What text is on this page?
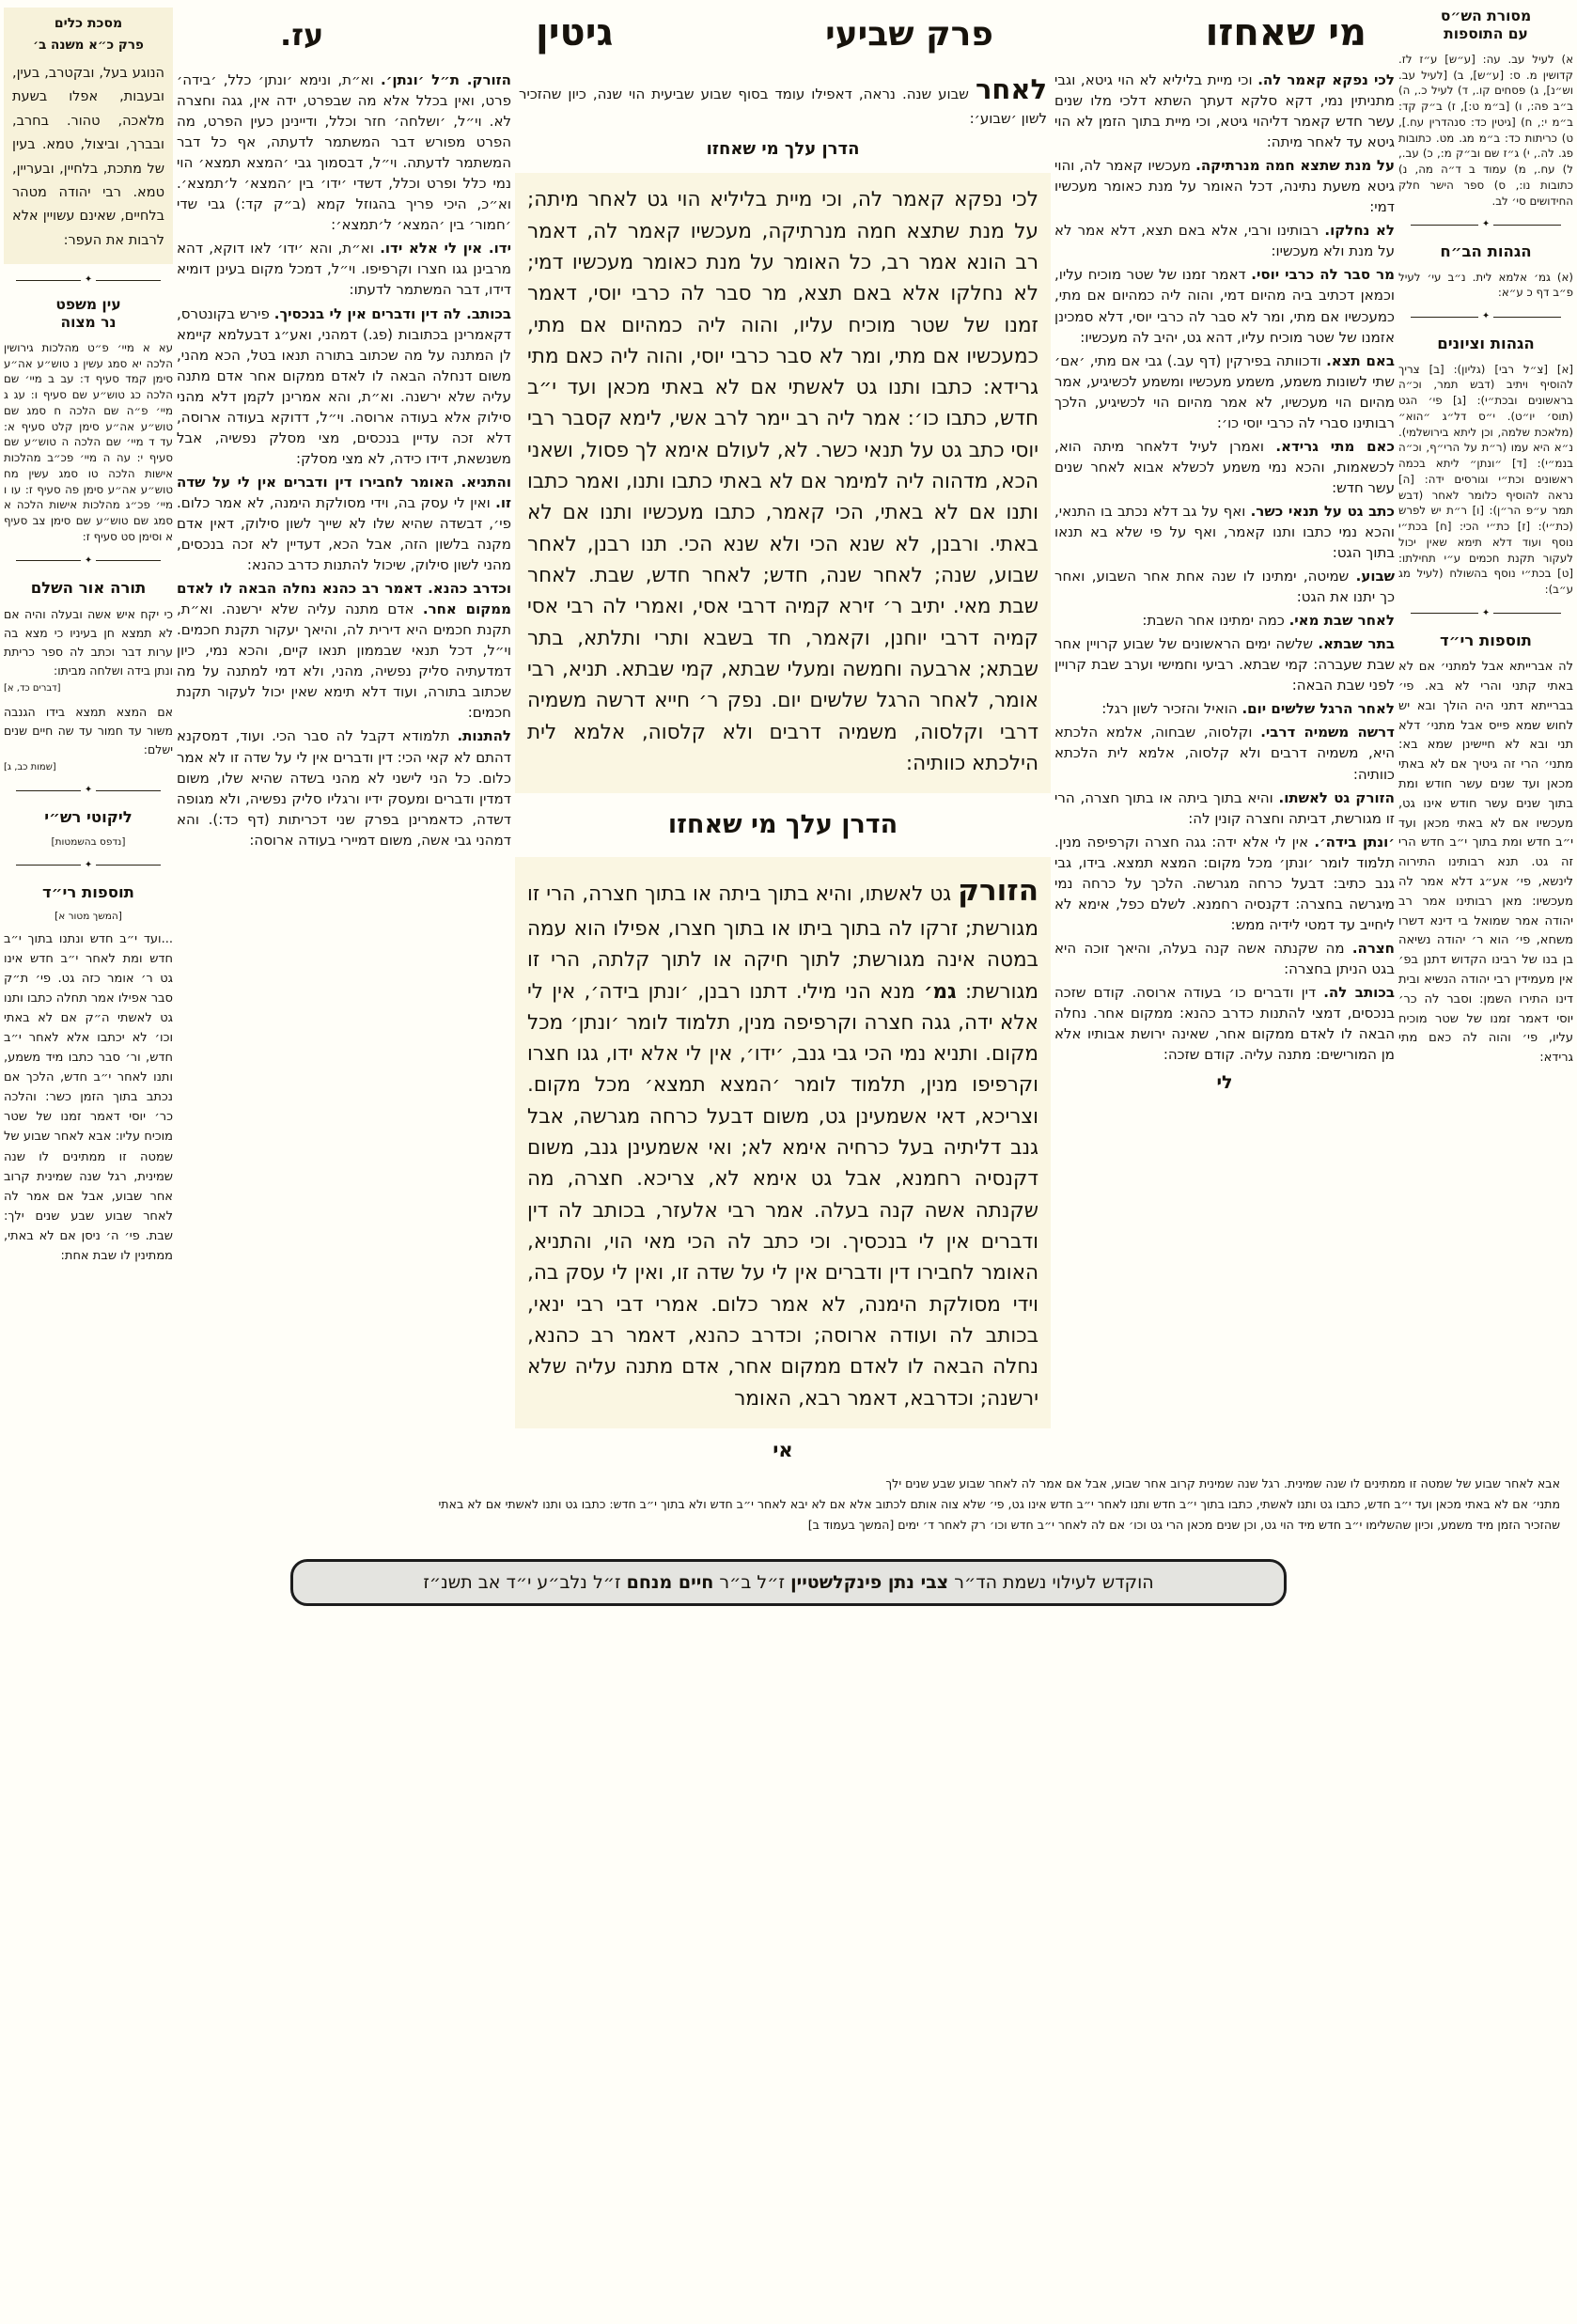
מסורת הש״ס
עם התוספות

א) לעיל עב. עה: [ע״ש] ע״ז לז. קדושין מ. ס: [ע״ש], ב) [לעיל עב. וש״נ], ג) פסחים קו., ד) לעיל כ., ה) ב״ב פה:, ו) [ב״מ ט:], ז) ב״ק קד: ב״מ י:, ח) [גיטין כד: סנהדרין עח.], ט) כריתות כד: ב״מ מג. מט. כתובות פג. לה., י) ג״ז שם וב״ק מ:, כ) עב., ל) עח., מ) עמוד ב ד״ה מה, נ) כתובות נו:, ס) ספר הישר חלק החידושים סי׳ לב.

✦
הגהות הב״ח

(א) גמ׳ אלמא לית. נ״ב עי׳ לעיל פ״ב דף כ ע״א:

✦
הגהות וציונים

[א] [צ״ל רבי] (גליון): [ב] צריך להוסיף ויתיב (דבש תמר, וכ״ה בראשונים ובכת״י): [ג] פי׳ הגט (תוס׳ יו״ט). י״ס דל״ג ״הוא״ (מלאכת שלמה, וכן ליתא בירושלמי). נ״א היא עמו (ר״ת על הרי״ף, וכ״ה בנמ״י): [ד] ״ונתן״ ליתא בכמה ראשונים וכת״י וגורסים ידה: [ה] נראה להוסיף כלומר לאחר (דבש תמר ע״פ הר״ן): [ו] ר״ת יש לפרש (כת״י): [ז] כת״י הכי: [ח] בכת״י נוסף ועוד דלא תימא שאין יכול לעקור תקנת חכמים ע״י תחילתו: [ט] בכת״י נוסף בהשולח (לעיל מג ע״ב):

✦
תוספות רי״ד

לה אברייתא אבל למתני׳ אם לא באתי קתני והרי לא בא. פי׳ בברייתא דתני היה הולך ובא יש לחוש שמא פייס אבל מתני׳ דלא תני ובא לא חיישינן שמא בא: מתני׳ הרי זה גיטיך אם לא באתי מכאן ועד שנים עשר חודש ומת בתוך שנים עשר חודש אינו גט, מעכשיו אם לא באתי מכאן ועד י״ב חדש ומת בתוך י״ב חדש הרי זה גט. תנא רבותינו התירוה לינשא, פי׳ אע״ג דלא אמר לה מעכשיו: מאן רבותינו אמר רב יהודה אמר שמואל בי דינא דשרו משחא, פי׳ הוא ר׳ יהודה נשיאה בן בנו של רבינו הקדוש דתנן בפ׳ אין מעמידין רבי יהודה הנשיא ובית דינו התירו השמן: וסבר לה כר׳ יוסי דאמר זמנו של שטר מוכיח עליו, פי׳ והוה לה כאם מתי גרידא:

מי שאחזו
פרק שביעי
גיטין
עז.

לכי נפקא קאמר לה. וכי מיית בליליא לא הוי גיטא, וגבי מתניתין נמי, דקא סלקא דעתך השתא דלכי מלו שנים עשר חדש קאמר דליהוי גיטא, וכי מיית בתוך הזמן לא הוי גיטא עד לאחר מיתה:

על מנת שתצא חמה מנרתיקה. מעכשיו קאמר לה, והוי גיטא משעת נתינה, דכל האומר על מנת כאומר מעכשיו דמי:

לא נחלקו. רבותינו ורבי, אלא באם תצא, דלא אמר לא על מנת ולא מעכשיו:

מר סבר לה כרבי יוסי. דאמר זמנו של שטר מוכיח עליו, וכמאן דכתיב ביה מהיום דמי, והוה ליה כמהיום אם מתי, כמעכשיו אם מתי, ומר לא סבר לה כרבי יוסי, דלא סמכינן אזמנו של שטר מוכיח עליו, דהא גט, יהיב לה מעכשיו:

באם תצא. ודכוותה בפירקין (דף עב.) גבי אם מתי, ׳אם׳ שתי לשונות משמע, משמע מעכשיו ומשמע לכשיגיע, אמר מהיום הוי מעכשיו, לא אמר מהיום הוי לכשיגיע, הלכך רבותינו סברי לה כרבי יוסי כו׳:

כאם מתי גרידא. ואמרן לעיל דלאחר מיתה הוא, לכשאמות, והכא נמי משמע לכשלא אבוא לאחר שנים עשר חדש:

כתב גט על תנאי כשר. ואף על גב דלא נכתב בו התנאי, והכא נמי כתבו ותנו קאמר, ואף על פי שלא בא תנאו בתוך הגט:

שבוע. שמיטה, ימתינו לו שנה אחת אחר השבוע, ואחר כך יתנו את הגט:

לאחר שבת מאי. כמה ימתינו אחר השבת:

בתר שבתא. שלשה ימים הראשונים של שבוע קרויין אחר שבת שעברה: קמי שבתא. רביעי וחמישי וערב שבת קרויין לפני שבת הבאה:

לאחר הרגל שלשים יום. הואיל והזכיר לשון רגל:

דרשה משמיה דרבי. וקלסוה, שבחוה, אלמא הלכתא היא, משמיה דרבים ולא קלסוה, אלמא לית הלכתא כוותיה:

הזורק גט לאשתו. והיא בתוך ביתה או בתוך חצרה, הרי זו מגורשת, דביתה וחצרה קונין לה:

׳ונתן בידה׳. אין לי אלא ידה: גגה חצרה וקרפיפה מנין. תלמוד לומר ׳ונתן׳ מכל מקום: המצא תמצא. בידו, גבי גנב כתיב: דבעל כרחה מגרשה. הלכך על כרחה נמי מיגרשה בחצרה: דקנסיה רחמנא. לשלם כפל, אימא לא ליחייב עד דמטי לידיה ממש:

חצרה. מה שקנתה אשה קנה בעלה, והיאך זוכה היא בגט הניתן בחצרה:

בכותב לה. דין ודברים כו׳ בעודה ארוסה. קודם שזכה בנכסים, דמצי להתנות כדרב כהנא: ממקום אחר. נחלה הבאה לו לאדם ממקום אחר, שאינה ירושת אבותיו אלא מן המורישים: מתנה עליה. קודם שזכה:

לי

לאחר שבוע שנה. נראה, דאפילו עומד בסוף שבוע שביעית הוי שנה, כיון שהזכיר לשון ׳שבוע׳:

הדרן עלך מי שאחזו

לכי נפקא קאמר לה, וכי מיית בליליא הוי גט לאחר מיתה; על מנת שתצא חמה מנרתיקה, מעכשיו קאמר לה, דאמר רב הונא אמר רב, כל האומר על מנת כאומר מעכשיו דמי; לא נחלקו אלא באם תצא, מר סבר לה כרבי יוסי, דאמר זמנו של שטר מוכיח עליו, והוה ליה כמהיום אם מתי, כמעכשיו אם מתי, ומר לא סבר כרבי יוסי, והוה ליה כאם מתי גרידא: כתבו ותנו גט לאשתי אם לא באתי מכאן ועד י״ב חדש, כתבו כו׳: אמר ליה רב יימר לרב אשי, לימא קסבר רבי יוסי כתב גט על תנאי כשר. לא, לעולם אימא לך פסול, ושאני הכא, מדהוה ליה למימר אם לא באתי כתבו ותנו, ואמר כתבו ותנו אם לא באתי, הכי קאמר, כתבו מעכשיו ותנו אם לא באתי. ורבנן, לא שנא הכי ולא שנא הכי. תנו רבנן, לאחר שבוע, שנה; לאחר שנה, חדש; לאחר חדש, שבת. לאחר שבת מאי. יתיב ר׳ זירא קמיה דרבי אסי, ואמרי לה רבי אסי קמיה דרבי יוחנן, וקאמר, חד בשבא ותרי ותלתא, בתר שבתא; ארבעה וחמשה ומעלי שבתא, קמי שבתא. תניא, רבי אומר, לאחר הרגל שלשים יום. נפק ר׳ חייא דרשה משמיה דרבי וקלסוה, משמיה דרבים ולא קלסוה, אלמא לית הילכתא כוותיה:

הדרן עלך מי שאחזו

הזורק גט לאשתו, והיא בתוך ביתה או בתוך חצרה, הרי זו מגורשת; זרקו לה בתוך ביתו או בתוך חצרו, אפילו הוא עמה במטה אינה מגורשת; לתוך חיקה או לתוך קלתה, הרי זו מגורשת: גמ׳ מנא הני מילי. דתנו רבנן, ׳ונתן בידה׳, אין לי אלא ידה, גגה חצרה וקרפיפה מנין, תלמוד לומר ׳ונתן׳ מכל מקום. ותניא נמי הכי גבי גנב, ׳ידו׳, אין לי אלא ידו, גגו חצרו וקרפיפו מנין, תלמוד לומר ׳המצא תמצא׳ מכל מקום. וצריכא, דאי אשמעינן גט, משום דבעל כרחה מגרשה, אבל גנב דליתיה בעל כרחיה אימא לא; ואי אשמעינן גנב, משום דקנסיה רחמנא, אבל גט אימא לא, צריכא. חצרה, מה שקנתה אשה קנה בעלה. אמר רבי אלעזר, בכותב לה דין ודברים אין לי בנכסיך. וכי כתב לה הכי מאי הוי, והתניא, האומר לחבירו דין ודברים אין לי על שדה זו, ואין לי עסק בה, וידי מסולקת הימנה, לא אמר כלום. אמרי דבי רבי ינאי, בכותב לה ועודה ארוסה; וכדרב כהנא, דאמר רב כהנא, נחלה הבאה לו לאדם ממקום אחר, אדם מתנה עליה שלא ירשנה; וכדרבא, דאמר רבא, האומר

אי

הזורק. ת״ל ׳ונתן׳. וא״ת, ונימא ׳ונתן׳ כלל, ׳בידה׳ פרט, ואין בכלל אלא מה שבפרט, ידה אין, גגה וחצרה לא. וי״ל, ׳ושלחה׳ חזר וכלל, ודיינינן כעין הפרט, מה הפרט מפורש דבר המשתמר לדעתה, אף כל דבר המשתמר לדעתה. וי״ל, דבסמוך גבי ׳המצא תמצא׳ הוי נמי כלל ופרט וכלל, דשדי ׳ידו׳ בין ׳המצא׳ ל׳תמצא׳. וא״כ, היכי פריך בהגוזל קמא (ב״ק קד:) גבי שדי ׳חמור׳ בין ׳המצא׳ ל׳תמצא׳:

ידו. אין לי אלא ידו. וא״ת, והא ׳ידו׳ לאו דוקא, דהא מרבינן גגו חצרו וקרפיפו. וי״ל, דמכל מקום בעינן דומיא דידו, דבר המשתמר לדעתו:

בכותב. לה דין ודברים אין לי בנכסיך. פירש בקונטרס, דקאמרינן בכתובות (פג.) דמהני, ואע״ג דבעלמא קיימא לן המתנה על מה שכתוב בתורה תנאו בטל, הכא מהני, משום דנחלה הבאה לו לאדם ממקום אחר אדם מתנה עליה שלא ירשנה. וא״ת, והא אמרינן לקמן דלא מהני סילוק אלא בעודה ארוסה. וי״ל, דדוקא בעודה ארוסה, דלא זכה עדיין בנכסים, מצי מסלק נפשיה, אבל משנשאת, דידו כידה, לא מצי מסלק:

והתניא. האומר לחבירו דין ודברים אין לי על שדה זו. ואין לי עסק בה, וידי מסולקת הימנה, לא אמר כלום. פי׳, דבשדה שהיא שלו לא שייך לשון סילוק, דאין אדם מקנה בלשון הזה, אבל הכא, דעדיין לא זכה בנכסים, מהני לשון סילוק, שיכול להתנות כדרב כהנא:

וכדרב כהנא. דאמר רב כהנא נחלה הבאה לו לאדם ממקום אחר. אדם מתנה עליה שלא ירשנה. וא״ת, תקנת חכמים היא דירית לה, והיאך יעקור תקנת חכמים. וי״ל, דכל תנאי שבממון תנאו קיים, והכא נמי, כיון דמדעתיה סליק נפשיה, מהני, ולא דמי למתנה על מה שכתוב בתורה, ועוד דלא תימא שאין יכול לעקור תקנת חכמים:

להתנות. תלמודא דקבל לה סבר הכי. ועוד, דמסקנא דהתם לא קאי הכי: דין ודברים אין לי על שדה זו לא אמר כלום. כל הני לישני לא מהני בשדה שהיא שלו, משום דמדין ודברים ומעסק ידיו ורגליו סליק נפשיה, ולא מגופה דשדה, כדאמרינן בפרק שני דכריתות (דף כד:). והא דמהני גבי אשה, משום דמיירי בעודה ארוסה:

מסכת כלים
פרק כ״א משנה ב׳

הנוגע בעל, ובקטרב, בעין, ובעבות, אפלו בשעת מלאכה, טהור. בחרב, ובברך, וביצול, טמא. בעין של מתכת, בלחיין, ובעריין, טמא. רבי יהודה מטהר בלחיים, שאינם עשויין אלא לרבות את העפר:

✦
עין משפט
נר מצוה

עא א מיי׳ פ״ט מהלכות גירושין הלכה יא סמג עשין נ טוש״ע אה״ע סימן קמד סעיף ד: עב ב מיי׳ שם הלכה כג טוש״ע שם סעיף ו: עג ג מיי׳ פ״ה שם הלכה ח סמג שם טוש״ע אה״ע סימן קלט סעיף א: עד ד מיי׳ שם הלכה ה טוש״ע שם סעיף י: עה ה מיי׳ פכ״ב מהלכות אישות הלכה טו סמג עשין מח טוש״ע אה״ע סימן פה סעיף ז: עו ו מיי׳ פכ״ג מהלכות אישות הלכה א סמג שם טוש״ע שם סימן צב סעיף א וסימן סט סעיף ז:

✦
תורה אור השלם

כי יקח איש אשה ובעלה והיה אם לא תמצא חן בעיניו כי מצא בה ערות דבר וכתב לה ספר כריתת ונתן בידה ושלחה מביתו:

[דברים כד, א]

אם המצא תמצא בידו הגנבה משור עד חמור עד שה חיים שנים ישלם:

[שמות כב, ג]
✦
ליקוטי רש״י
[נדפס בהשמטות]
✦
תוספות רי״ד
[המשך מטור א]

...ועד י״ב חדש ונתנו בתוך י״ב חדש ומת לאחר י״ב חדש אינו גט ר׳ אומר כזה גט. פי׳ ת״ק סבר אפילו אמר תחלה כתבו ותנו גט לאשתי ה״ק אם לא באתי וכו׳ לא יכתבו אלא לאחר י״ב חדש, ור׳ סבר כתבו מיד משמע, ותנו לאחר י״ב חדש, הלכך אם נכתב בתוך הזמן כשר: והלכה כר׳ יוסי דאמר זמנו של שטר מוכיח עליו: אבא לאחר שבוע של שמטה זו ממתינים לו שנה שמינית, רגל שנה שמינית קרוב אחר שבוע, אבל אם אמר לה לאחר שבוע שבע שנים ילך: שבת. פי׳ ה׳ ניסן אם לא באתי, ממתינין לו שבת אחת:

אבא לאחר שבוע של שמטה זו ממתינים לו שנה שמינית. רגל שנה שמינית קרוב אחר שבוע, אבל אם אמר לה לאחר שבוע שבע שנים ילך
מתני׳ אם לא באתי מכאן ועד י״ב חדש, כתבו גט ותנו לאשתי, כתבו בתוך י״ב חדש ותנו לאחר י״ב חדש אינו גט, פי׳ שלא צוה אותם לכתוב אלא אם לא יבא לאחר י״ב חדש ולא בתוך י״ב חדש: כתבו גט ותנו לאשתי אם לא באתי
שהזכיר הזמן מיד משמע, וכיון שהשלימו י״ב חדש מיד הוי גט, וכן שנים מכאן הרי גט וכו׳ אם לה לאחר י״ב חדש וכו׳ רק לאחר ד׳ ימים [המשך בעמוד ב]
הוקדש לעילוי נשמת הד״ר צבי נתן פינקלשטיין ז״ל ב״ר חיים מנחם ז״ל נלב״ע י״ד אב תשנ״ז
